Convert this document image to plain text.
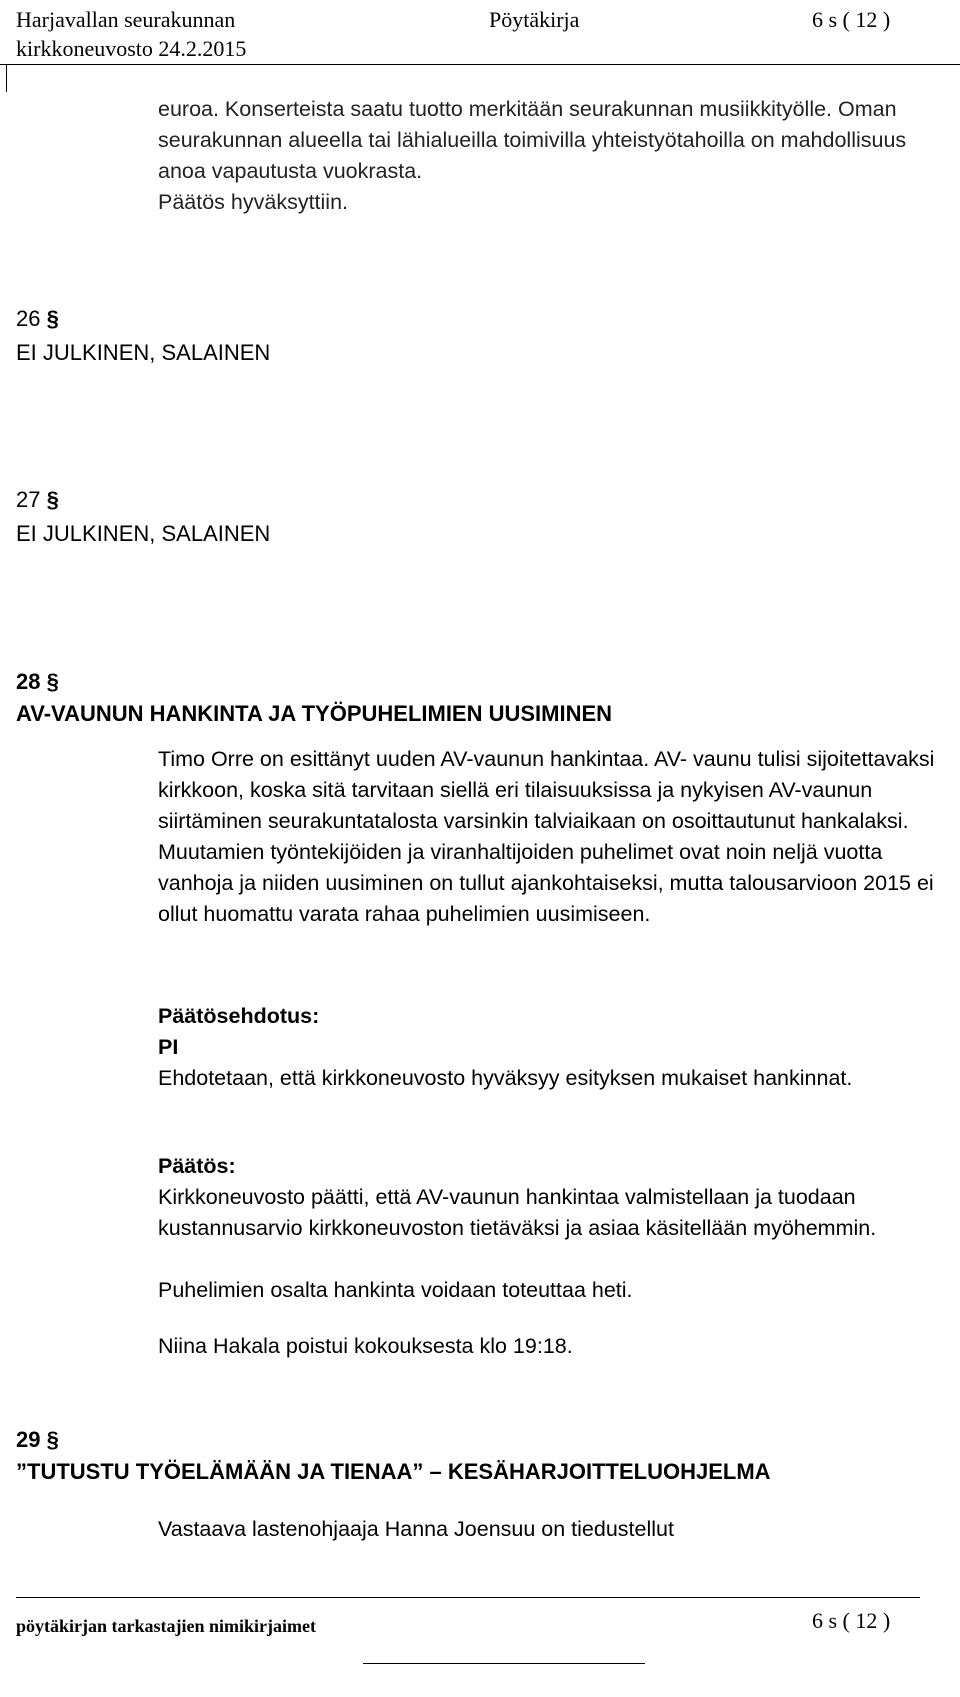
Harjavallan seurakunnan
kirkkoneuvosto 24.2.2015
Pöytäkirja	6 s ( 12 )

euroa. Konserteista saatu tuotto merkitään seurakunnan musiikkityölle. Oman seurakunnan alueella tai lähialueilla toimivilla yhteistyötahoilla on mahdollisuus anoa vapautusta vuokrasta.

Päätös hyväksyttiin.

26 §
EI JULKINEN, SALAINEN
27 §
EI JULKINEN, SALAINEN
28 §
AV-VAUNUN HANKINTA JA TYÖPUHELIMIEN UUSIMINEN
Timo Orre on esittänyt uuden AV-vaunun hankintaa. AV- vaunu tulisi sijoitettavaksi kirkkoon, koska sitä tarvitaan siellä eri tilaisuuksissa ja nykyisen AV-vaunun siirtäminen seurakuntatalosta varsinkin talviaikaan on osoittautunut hankalaksi. Muutamien työntekijöiden ja viranhaltijoiden puhelimet ovat noin neljä vuotta vanhoja ja niiden uusiminen on tullut ajankohtaiseksi, mutta talousarvioon 2015 ei ollut huomattu varata rahaa puhelimien uusimiseen.
Päätösehdotus:
PI
Ehdotetaan, että kirkkoneuvosto hyväksyy esityksen mukaiset hankinnat.
Päätös:
Kirkkoneuvosto päätti, että AV-vaunun hankintaa valmistellaan ja tuodaan kustannusarvio kirkkoneuvoston tietäväksi ja asiaa käsitellään myöhemmin.
Puhelimien osalta hankinta voidaan toteuttaa heti.
Niina Hakala poistui kokouksesta klo 19:18.
29 §
”TUTUSTU TYÖELÄMÄÄN JA TIENAA” – KESÄHARJOITTELUOHJELMA
Vastaava lastenohjaaja Hanna Joensuu on tiedustellut
pöytäkirjan tarkastajien nimikirjaimet	6 s ( 12 )
